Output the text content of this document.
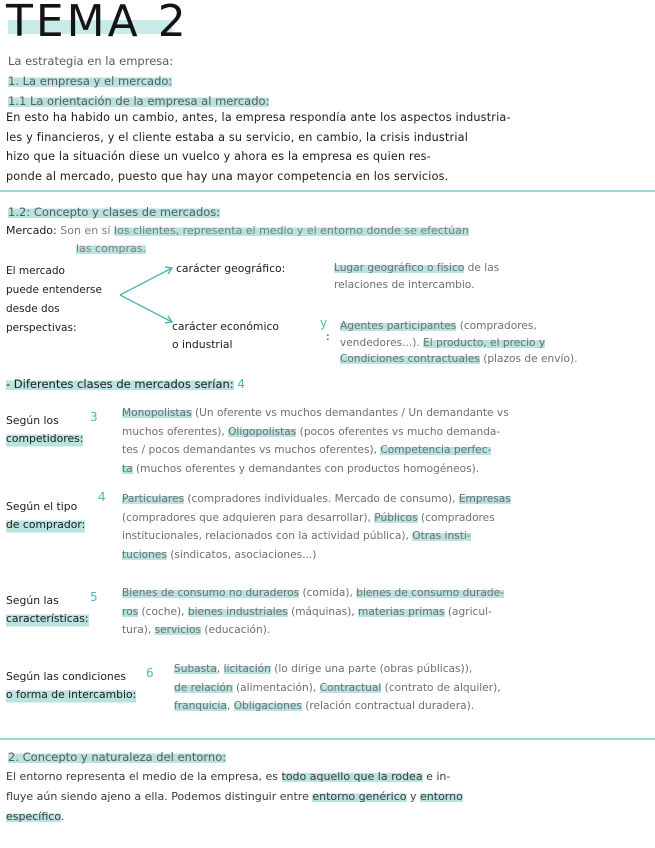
TEMA 2
La estrategia en la empresa:
1. La empresa y el mercado:
1.1 La orientación de la empresa al mercado:
En esto ha habido un cambio, antes, la empresa respondía ante los aspectos industria-
les y financieros, y el cliente estaba a su servicio, en cambio, la crisis industrial
hizo que la situación diese un vuelco y ahora es la empresa es quien res-
ponde al mercado, puesto que hay una mayor competencia en los servicios.
1.2: Concepto y clases de mercados:
Mercado: Son en sí los clientes, representa el medio y el entorno donde se efectúan
las compras.
El mercado
puede entenderse
desde dos
perspectivas:
carácter geográfico:	Lugar geográfico o físico de las
relaciones de intercambio.
carácter económico
o industrial
y
:
Agentes participantes (compradores,
vendedores...). El producto, el precio y
Condiciones contractuales (plazos de envío).
- Diferentes clases de mercados serían: 4
Según los
competidores:
3 Monopolistas (Un oferente vs muchos demandantes / Un demandante vs
muchos oferentes), Oligopolistas (pocos oferentes vs mucho demanda-
tes / pocos demandantes vs muchos oferentes), Competencia perfec-
ta (muchos oferentes y demandantes con productos homogéneos).
Según el tipo
de comprador:
4 Particulares (compradores individuales. Mercado de consumo), Empresas
(compradores que adquieren para desarrollar), Públicos (compradores
institucionales, relacionados con la actividad pública), Otras insti-
tuciones (sindicatos, asociaciones...)
Según las
características:
5 Bienes de consumo no duraderos (comida), bienes de consumo durade-
ros (coche), bienes industriales (máquinas), materias primas (agricul-
tura), servicios (educación).
Según las condiciones
o forma de intercambio:
6 Subasta, licitación (lo dirige una parte (obras públicas)),
de relación (alimentación), Contractual (contrato de alquiler),
franquicia, Obligaciones (relación contractual duradera).
2. Concepto y naturaleza del entorno:
El entorno representa el medio de la empresa, es todo aquello que la rodea e in-
fluye aún siendo ajeno a ella. Podemos distinguir entre entorno genérico y entorno
específico.
